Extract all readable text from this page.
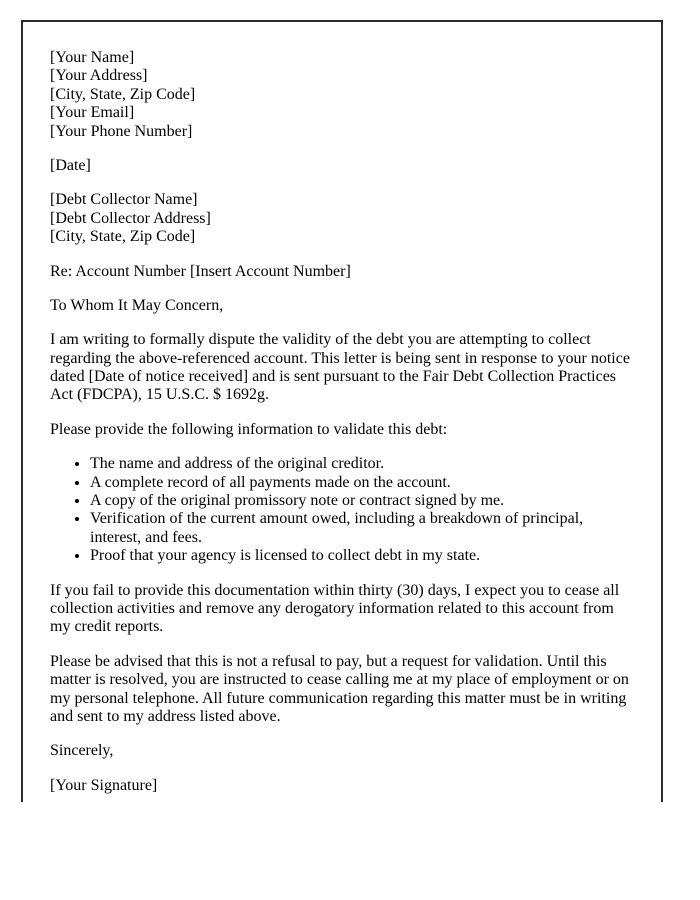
[Your Name]
[Your Address]
[City, State, Zip Code]
[Your Email]
[Your Phone Number]

[Date]

[Debt Collector Name]
[Debt Collector Address]
[City, State, Zip Code]

Re: Account Number [Insert Account Number]

To Whom It May Concern,

I am writing to formally dispute the validity of the debt you are attempting to collect regarding the above-referenced account. This letter is being sent in response to your notice dated [Date of notice received] and is sent pursuant to the Fair Debt Collection Practices Act (FDCPA), 15 U.S.C. $ 1692g.

Please provide the following information to validate this debt:

• The name and address of the original creditor.
• A complete record of all payments made on the account.
• A copy of the original promissory note or contract signed by me.
• Verification of the current amount owed, including a breakdown of principal, interest, and fees.
• Proof that your agency is licensed to collect debt in my state.

If you fail to provide this documentation within thirty (30) days, I expect you to cease all collection activities and remove any derogatory information related to this account from my credit reports.

Please be advised that this is not a refusal to pay, but a request for validation. Until this matter is resolved, you are instructed to cease calling me at my place of employment or on my personal telephone. All future communication regarding this matter must be in writing and sent to my address listed above.

Sincerely,

[Your Signature]
